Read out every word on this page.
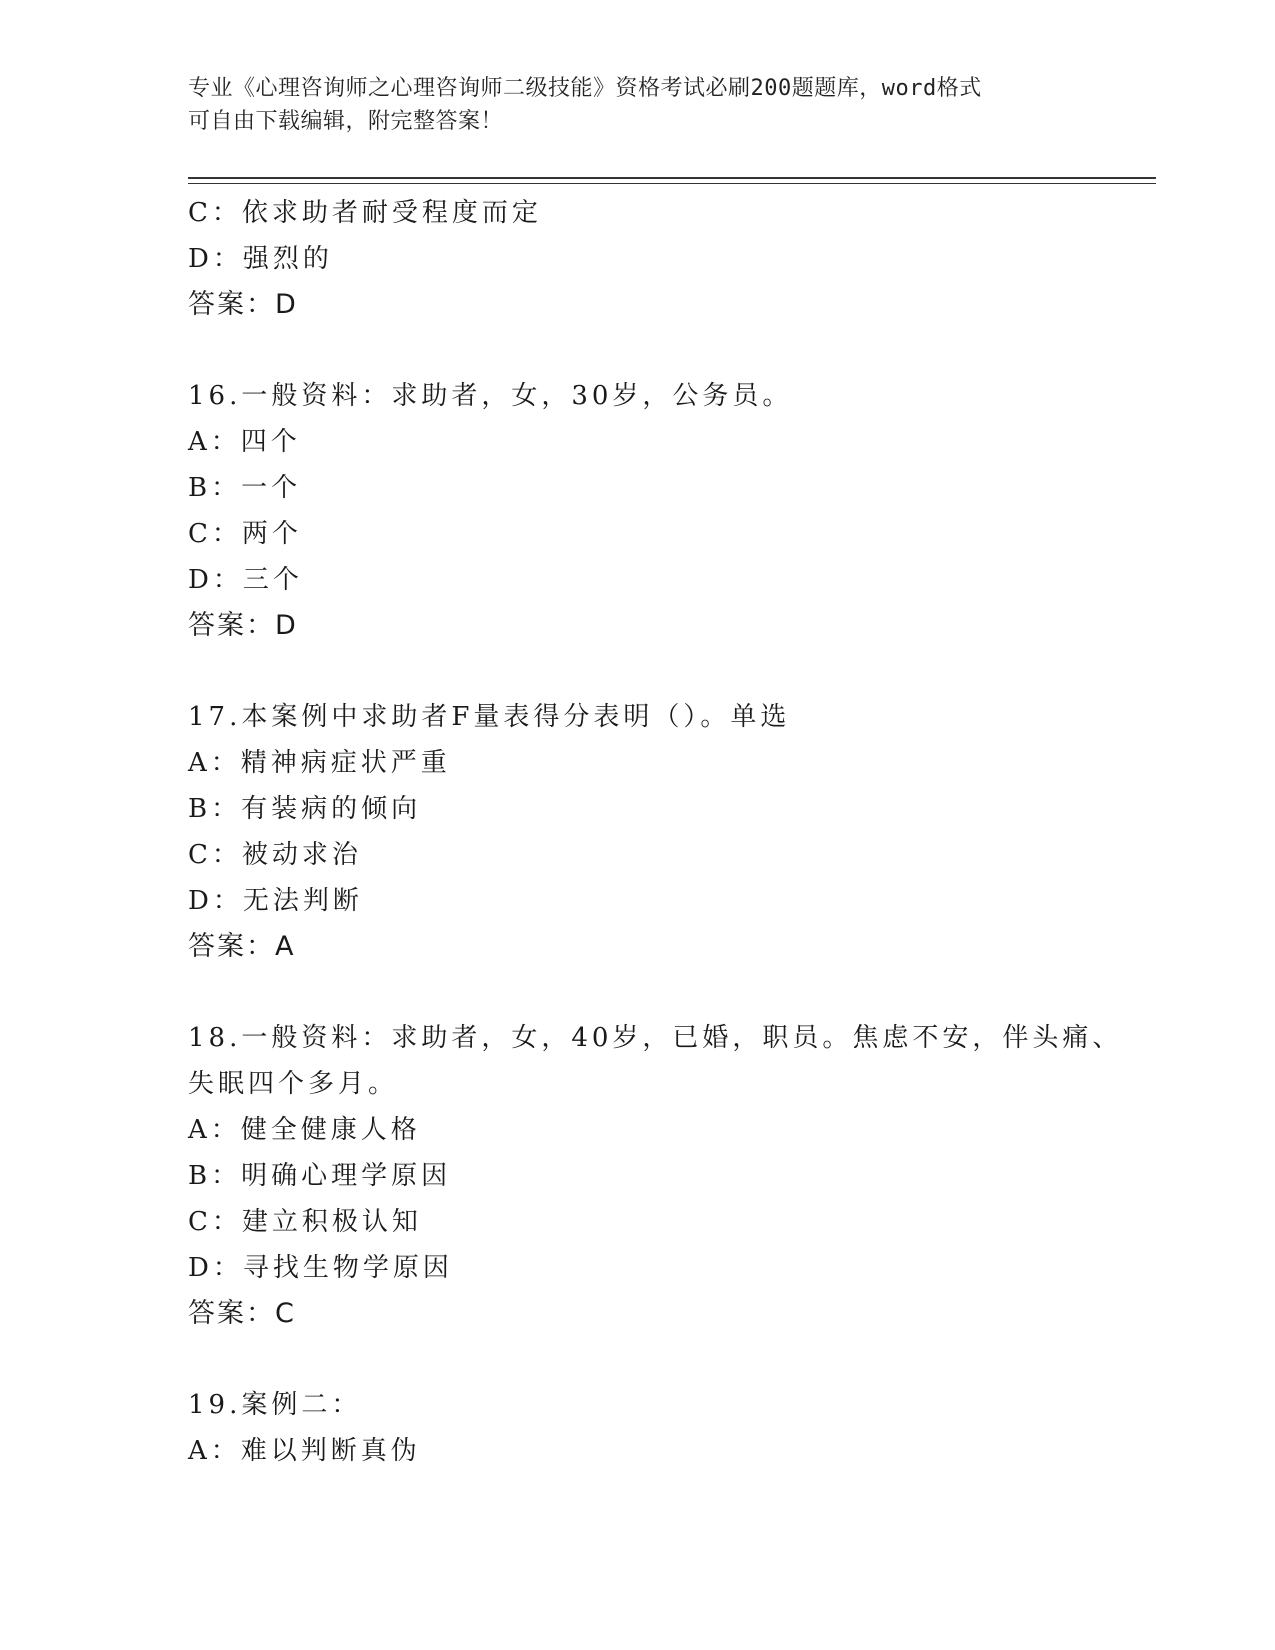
专业《心理咨询师之心理咨询师二级技能》资格考试必刷200题题库，word格式
可自由下载编辑，附完整答案！
C：依求助者耐受程度而定
D：强烈的
答案：D
16.一般资料：求助者，女，30岁，公务员。
A：四个
B：一个
C：两个
D：三个
答案：D
17.本案例中求助者F量表得分表明（）。单选
A：精神病症状严重
B：有装病的倾向
C：被动求治
D：无法判断
答案：A
18.一般资料：求助者，女，40岁，已婚，职员。焦虑不安，伴头痛、
失眠四个多月。
A：健全健康人格
B：明确心理学原因
C：建立积极认知
D：寻找生物学原因
答案：C
19.案例二：
A：难以判断真伪
